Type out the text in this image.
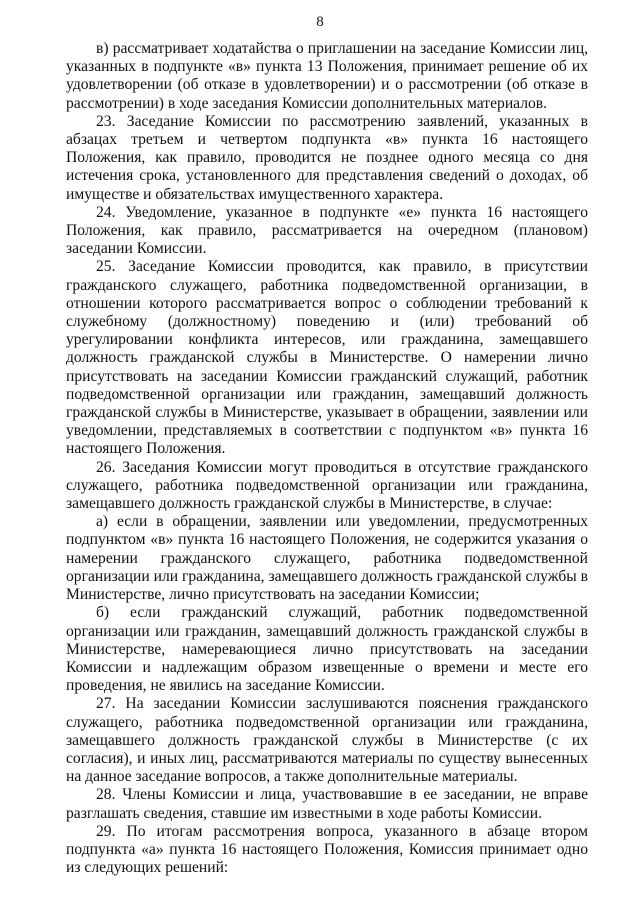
8

в) рассматривает ходатайства о приглашении на заседание Комиссии лиц, указанных в подпункте «в» пункта 13 Положения, принимает решение об их удовлетворении (об отказе в удовлетворении) и о рассмотрении (об отказе в рассмотрении) в ходе заседания Комиссии дополнительных материалов.

23. Заседание Комиссии по рассмотрению заявлений, указанных в абзацах третьем и четвертом подпункта «в» пункта 16 настоящего Положения, как правило, проводится не позднее одного месяца со дня истечения срока, установленного для представления сведений о доходах, об имуществе и обязательствах имущественного характера.

24. Уведомление, указанное в подпункте «е» пункта 16 настоящего Положения, как правило, рассматривается на очередном (плановом) заседании Комиссии.

25. Заседание Комиссии проводится, как правило, в присутствии гражданского служащего, работника подведомственной организации, в отношении которого рассматривается вопрос о соблюдении требований к служебному (должностному) поведению и (или) требований об урегулировании конфликта интересов, или гражданина, замещавшего должность гражданской службы в Министерстве. О намерении лично присутствовать на заседании Комиссии гражданский служащий, работник подведомственной организации или гражданин, замещавший должность гражданской службы в Министерстве, указывает в обращении, заявлении или уведомлении, представляемых в соответствии с подпунктом «в» пункта 16 настоящего Положения.

26. Заседания Комиссии могут проводиться в отсутствие гражданского служащего, работника подведомственной организации или гражданина, замещавшего должность гражданской службы в Министерстве, в случае:

а) если в обращении, заявлении или уведомлении, предусмотренных подпунктом «в» пункта 16 настоящего Положения, не содержится указания о намерении гражданского служащего, работника подведомственной организации или гражданина, замещавшего должность гражданской службы в Министерстве, лично присутствовать на заседании Комиссии;

б) если гражданский служащий, работник подведомственной организации или гражданин, замещавший должность гражданской службы в Министерстве, намеревающиеся лично присутствовать на заседании Комиссии и надлежащим образом извещенные о времени и месте его проведения, не явились на заседание Комиссии.

27. На заседании Комиссии заслушиваются пояснения гражданского служащего, работника подведомственной организации или гражданина, замещавшего должность гражданской службы в Министерстве (с их согласия), и иных лиц, рассматриваются материалы по существу вынесенных на данное заседание вопросов, а также дополнительные материалы.

28. Члены Комиссии и лица, участвовавшие в ее заседании, не вправе разглашать сведения, ставшие им известными в ходе работы Комиссии.

29. По итогам рассмотрения вопроса, указанного в абзаце втором подпункта «а» пункта 16 настоящего Положения, Комиссия принимает одно из следующих решений:
